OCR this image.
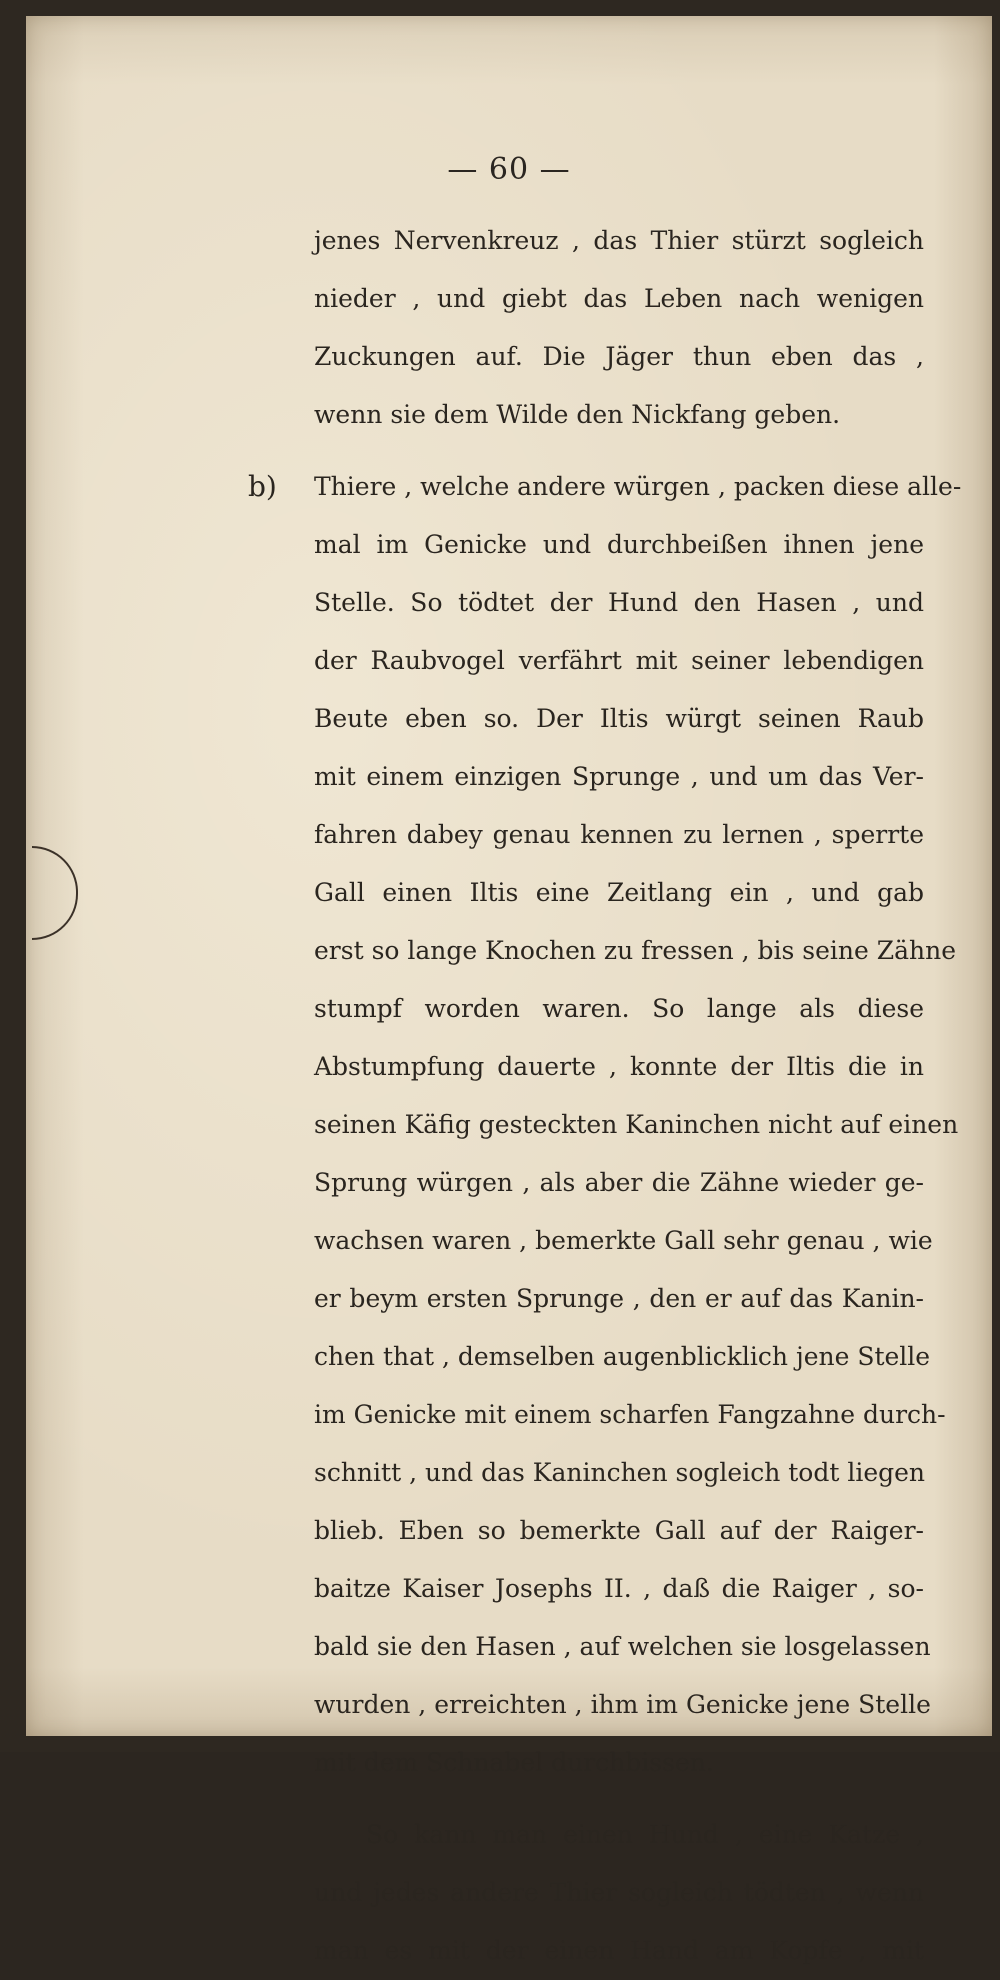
— 60 —
jenes Nervenkreuz , das Thier stürzt sogleich
nieder , und giebt das Leben nach wenigen
Zuckungen auf. Die Jäger thun eben das ,
wenn sie dem Wilde den Nickfang geben.
b) Thiere , welche andere würgen , packen diese alle-
mal im Genicke und durchbeißen ihnen jene
Stelle. So tödtet der Hund den Hasen , und
der Raubvogel verfährt mit seiner lebendigen
Beute eben so. Der Iltis würgt seinen Raub
mit einem einzigen Sprunge , und um das Ver-
fahren dabey genau kennen zu lernen , sperrte
Gall einen Iltis eine Zeitlang ein , und gab
erst so lange Knochen zu fressen , bis seine Zähne
stumpf worden waren. So lange als diese
Abstumpfung dauerte , konnte der Iltis die in
seinen Käfig gesteckten Kaninchen nicht auf einen
Sprung würgen , als aber die Zähne wieder ge-
wachsen waren , bemerkte Gall sehr genau , wie
er beym ersten Sprunge , den er auf das Kanin-
chen that , demselben augenblicklich jene Stelle
im Genicke mit einem scharfen Fangzahne durch-
schnitt , und das Kaninchen sogleich todt liegen
blieb. Eben so bemerkte Gall auf der Raiger-
baitze Kaiser Josephs II. , daß die Raiger , so-
bald sie den Hasen , auf welchen sie losgelassen
wurden , erreichten , ihm im Genicke jene Stelle
mit dem Schnabel durchbissen.
So kann man einen Hund , eine Katze ,
und jedes andere Thier sogleich tödten , wenn
man es mit der einen Hand am Kopfe , mit
